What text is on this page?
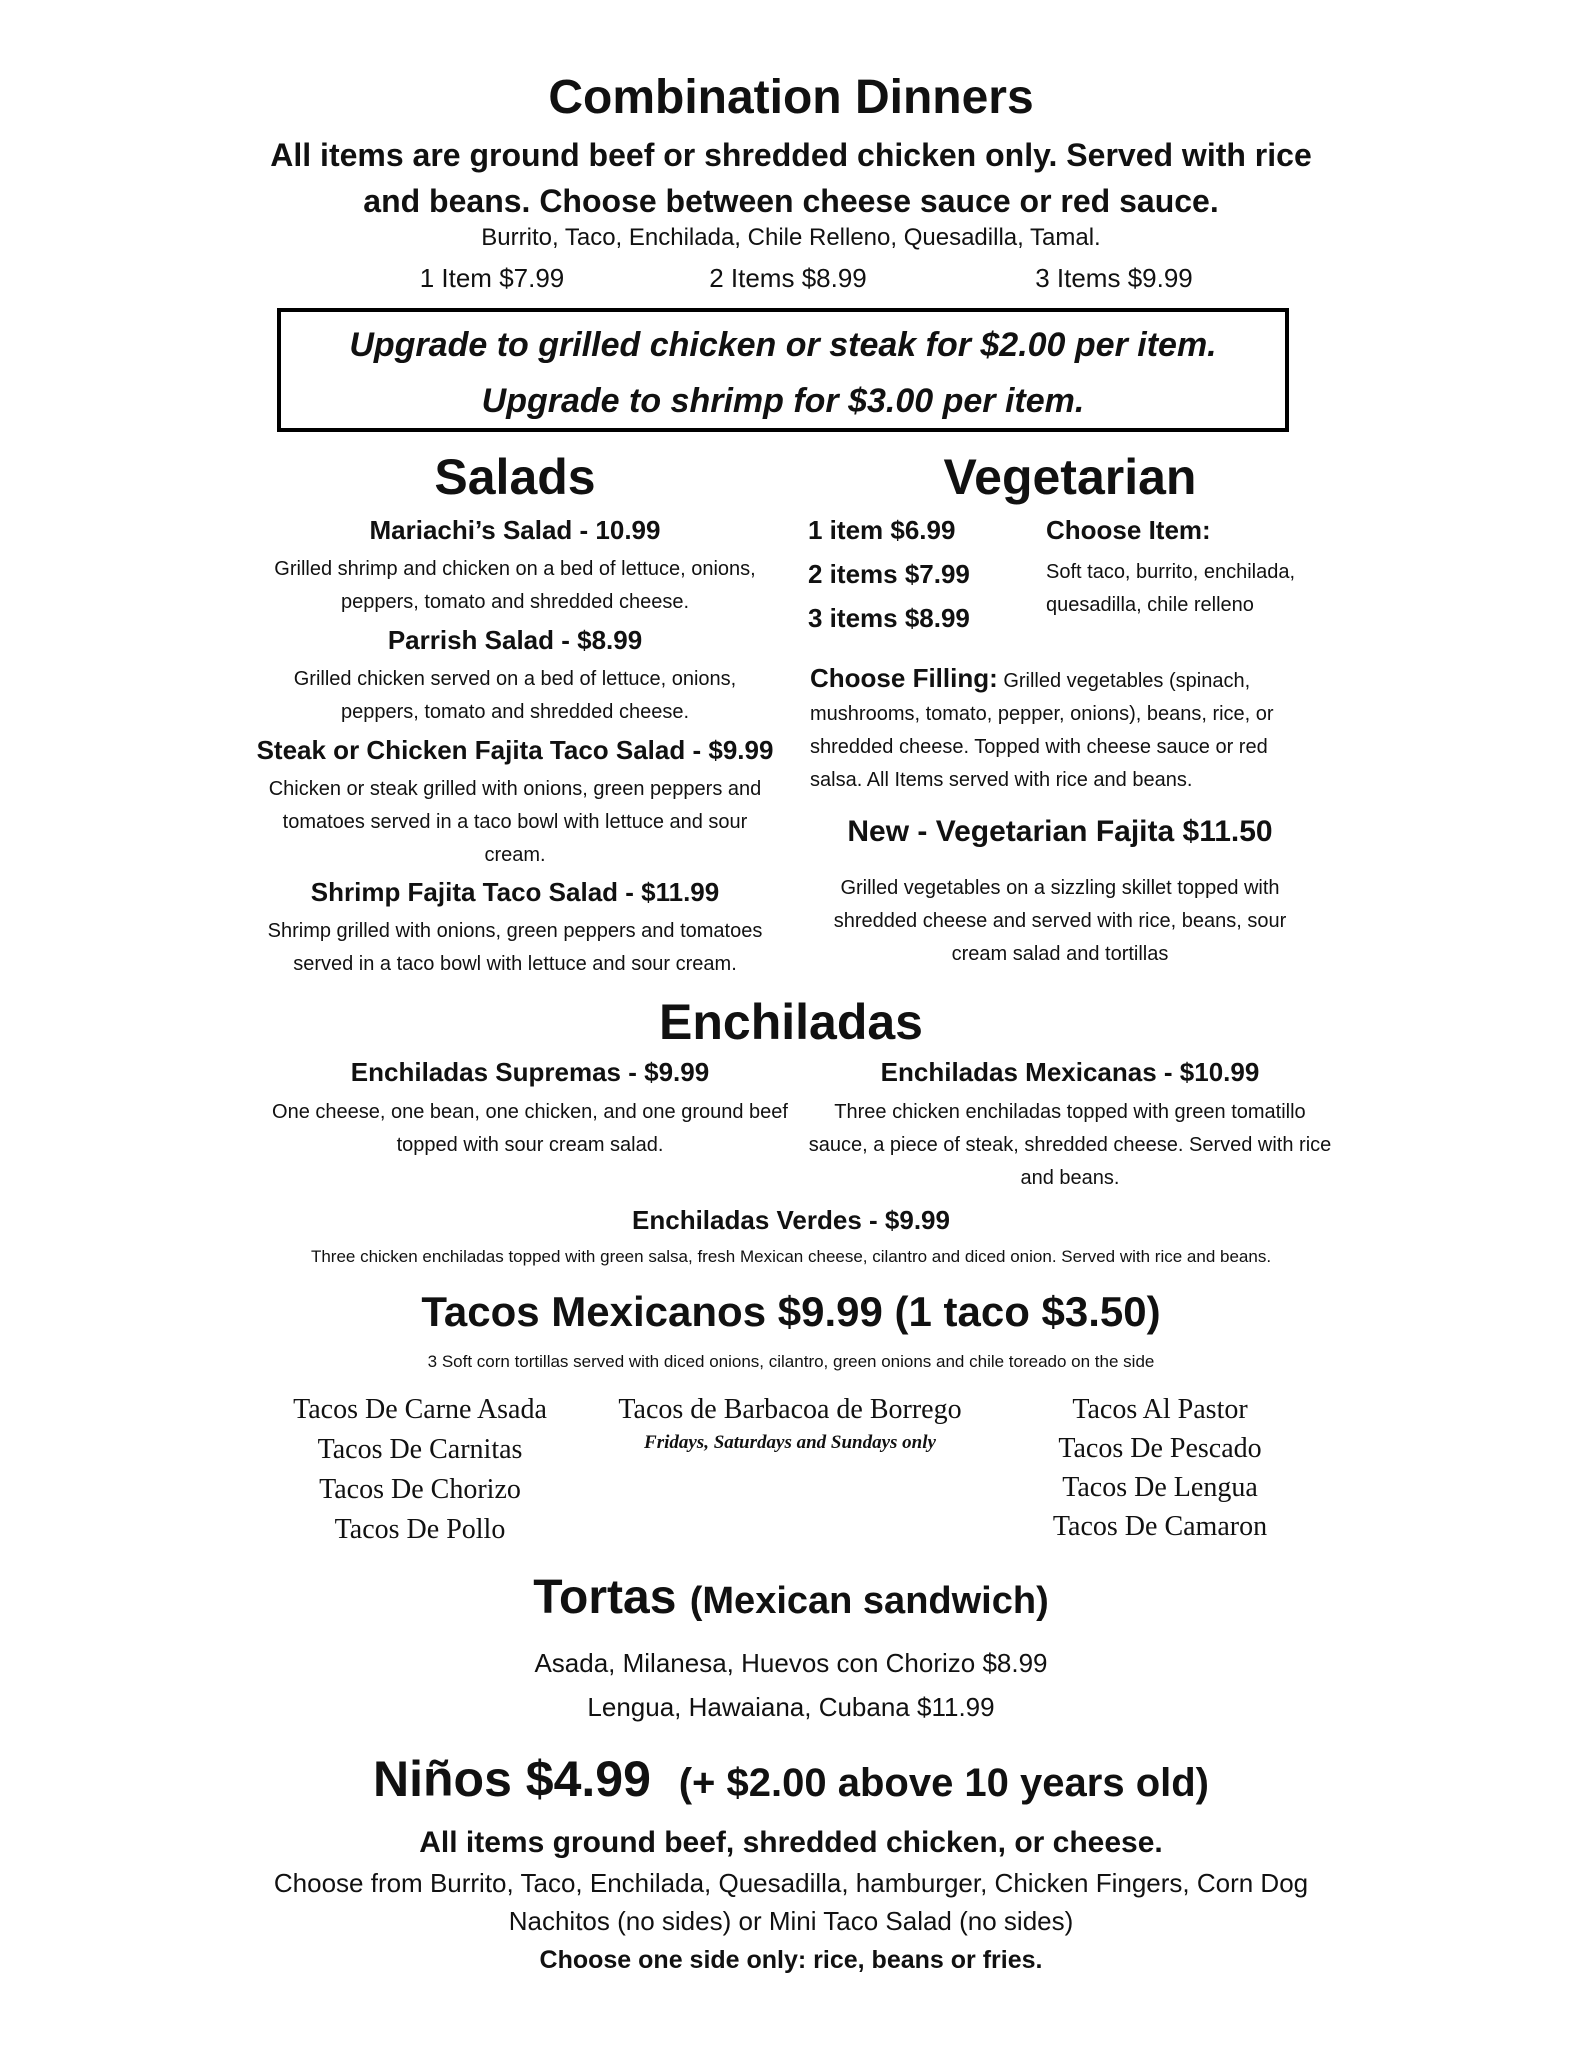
Combination Dinners
All items are ground beef or shredded chicken only. Served with rice
and beans. Choose between cheese sauce or red sauce.
Burrito, Taco, Enchilada, Chile Relleno, Quesadilla, Tamal.
1 Item $7.99	2 Items $8.99	3 Items $9.99
Upgrade to grilled chicken or steak for $2.00 per item.
Upgrade to shrimp for $3.00 per item.
Salads
Mariachi’s Salad - 10.99
Grilled shrimp and chicken on a bed of lettuce, onions,
peppers, tomato and shredded cheese.
Parrish Salad - $8.99
Grilled chicken served on a bed of lettuce, onions,
peppers, tomato and shredded cheese.
Steak or Chicken Fajita Taco Salad - $9.99
Chicken or steak grilled with onions, green peppers and
tomatoes served in a taco bowl with lettuce and sour
cream.
Shrimp Fajita Taco Salad - $11.99
Shrimp grilled with onions, green peppers and tomatoes
served in a taco bowl with lettuce and sour cream.
Vegetarian
1 item $6.99
2 items $7.99
3 items $8.99
Choose Item:
Soft taco, burrito, enchilada,
quesadilla, chile relleno
Choose Filling: Grilled vegetables (spinach,
mushrooms, tomato, pepper, onions), beans, rice, or
shredded cheese. Topped with cheese sauce or red
salsa. All Items served with rice and beans.
New - Vegetarian Fajita $11.50
Grilled vegetables on a sizzling skillet topped with
shredded cheese and served with rice, beans, sour
cream salad and tortillas
Enchiladas
Enchiladas Supremas - $9.99
One cheese, one bean, one chicken, and one ground beef
topped with sour cream salad.
Enchiladas Mexicanas - $10.99
Three chicken enchiladas topped with green tomatillo
sauce, a piece of steak, shredded cheese. Served with rice
and beans.
Enchiladas Verdes - $9.99
Three chicken enchiladas topped with green salsa, fresh Mexican cheese, cilantro and diced onion. Served with rice and beans.
Tacos Mexicanos $9.99 (1 taco $3.50)
3 Soft corn tortillas served with diced onions, cilantro, green onions and chile toreado on the side
Tacos De Carne Asada
Tacos De Carnitas
Tacos De Chorizo
Tacos De Pollo
Tacos de Barbacoa de Borrego
Fridays, Saturdays and Sundays only
Tacos Al Pastor
Tacos De Pescado
Tacos De Lengua
Tacos De Camaron
Tortas (Mexican sandwich)
Asada, Milanesa, Huevos con Chorizo $8.99
Lengua, Hawaiana, Cubana $11.99
Niños $4.99 (+ $2.00 above 10 years old)
All items ground beef, shredded chicken, or cheese.
Choose from Burrito, Taco, Enchilada, Quesadilla, hamburger, Chicken Fingers, Corn Dog
Nachitos (no sides) or Mini Taco Salad (no sides)
Choose one side only: rice, beans or fries.
